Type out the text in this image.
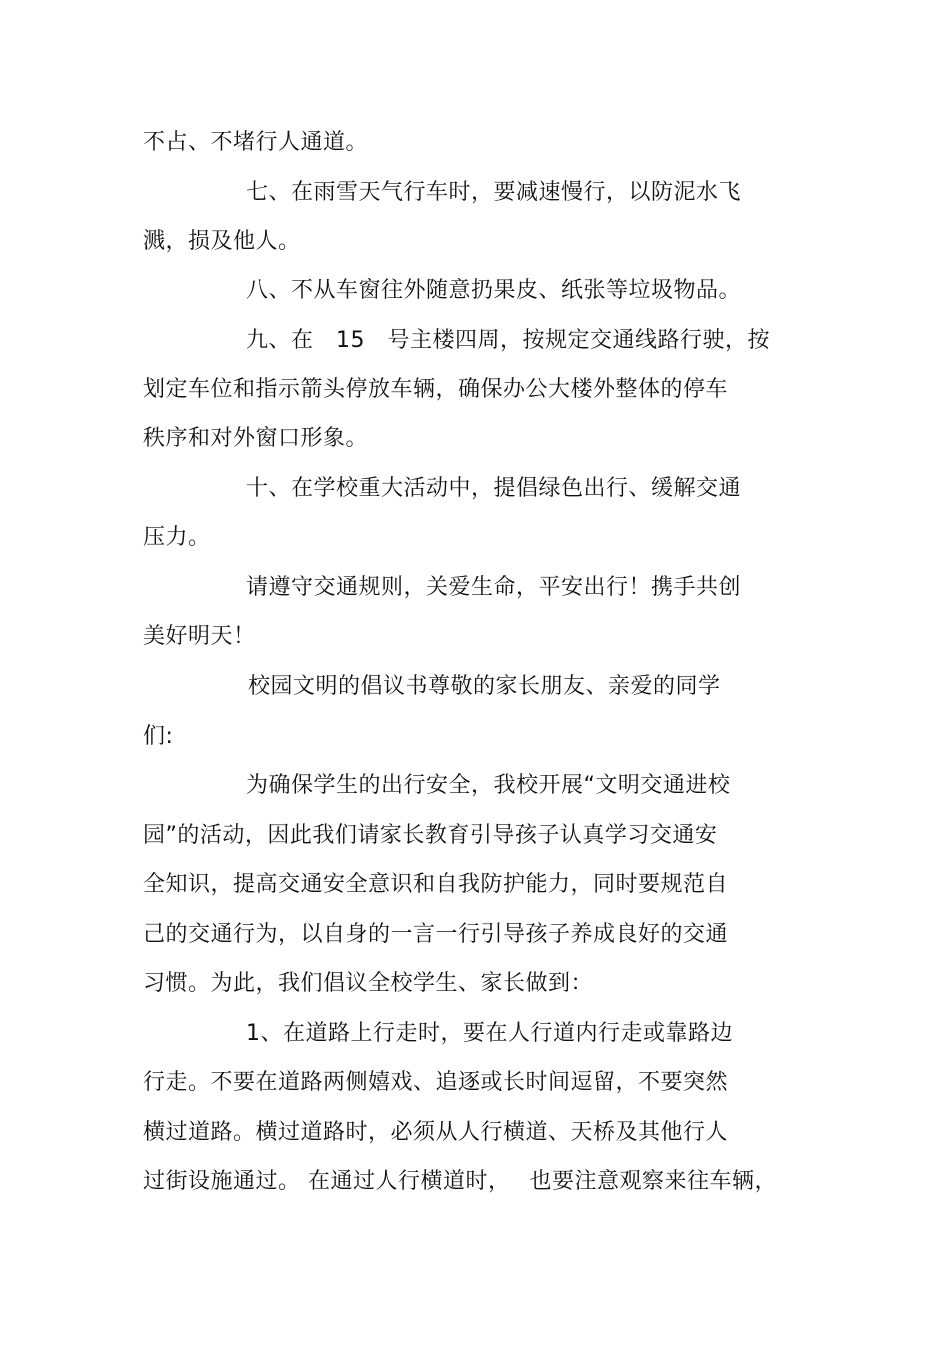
不占、不堵行人通道。
七、在雨雪天气行车时，要减速慢行，以防泥水飞
溅，损及他人。
八、不从车窗往外随意扔果皮、纸张等垃圾物品。
九、在　15　号主楼四周，按规定交通线路行驶，按
划定车位和指示箭头停放车辆，确保办公大楼外整体的停车
秩序和对外窗口形象。
十、在学校重大活动中，提倡绿色出行、缓解交通
压力。
请遵守交通规则，关爱生命，平安出行！携手共创
美好明天！
校园文明的倡议书尊敬的家长朋友、亲爱的同学
们:
为确保学生的出行安全，我校开展“文明交通进校
园”的活动，因此我们请家长教育引导孩子认真学习交通安
全知识，提高交通安全意识和自我防护能力，同时要规范自
己的交通行为，以自身的一言一行引导孩子养成良好的交通
习惯。为此，我们倡议全校学生、家长做到：
1、在道路上行走时，要在人行道内行走或靠路边
行走。不要在道路两侧嬉戏、追逐或长时间逗留，不要突然
横过道路。横过道路时，必须从人行横道、天桥及其他行人
过街设施通过。 在通过人行横道时，　 也要注意观察来往车辆，
